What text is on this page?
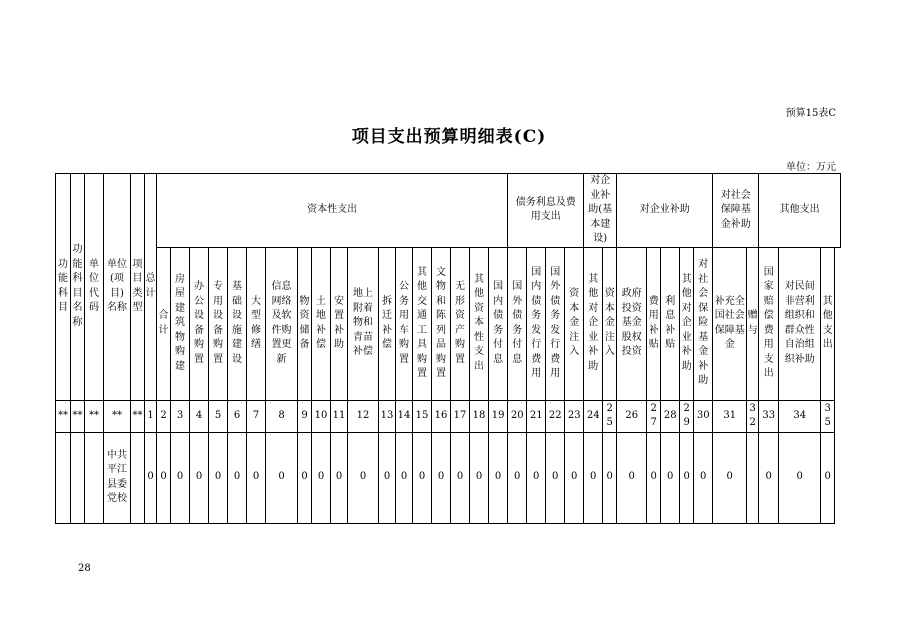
预算15表C
项目支出预算明细表(C)
单位：万元
功能科目	功能科目名称	单位代码	单位(项目)名称	项目类型	总计	资本性支出																		债务利息及费用支出				对企业补助(基本建设)		对企业补助					对社会保障基金补助		其他支出		

						合计	房屋建筑物购建	办公设备购置	专用设备购置	基础设施建设	大型修缮	信息网络及软件购置更新	物资储备	土地补偿	安置补助	地上附着物和青苗补偿	拆迁补偿	公务用车购置	其他交通工具购置	文物和陈列品购置	无形资产购置	其他资本性支出	国内债务付息	国外债务付息	国内债务发行费用	国外债务发行费用	资本金注入	其他对企业补助	资本金注入	政府投资基金股权投资	费用补贴	利息补贴	其他对企业补助	对社会保险基金补助	补充全国社会保障基金	赠与	国家赔偿费用支出	对民间非营利组织和群众性自治组织补助	其他支出

**	**	**	**	**	1	2	3	4	5	6	7	8	9	10	11	12	13	14	15	16	17	18	19	20	21	22	23	24	25	26	27	28	29	30	31	32	33	34	35

			中共平江县委党校		0	0	0	0	0	0	0	0	0	0	0	0	0	0	0	0	0	0	0	0	0	0	0	0	0	0	0	0	0	0	0		0	0	0
28
